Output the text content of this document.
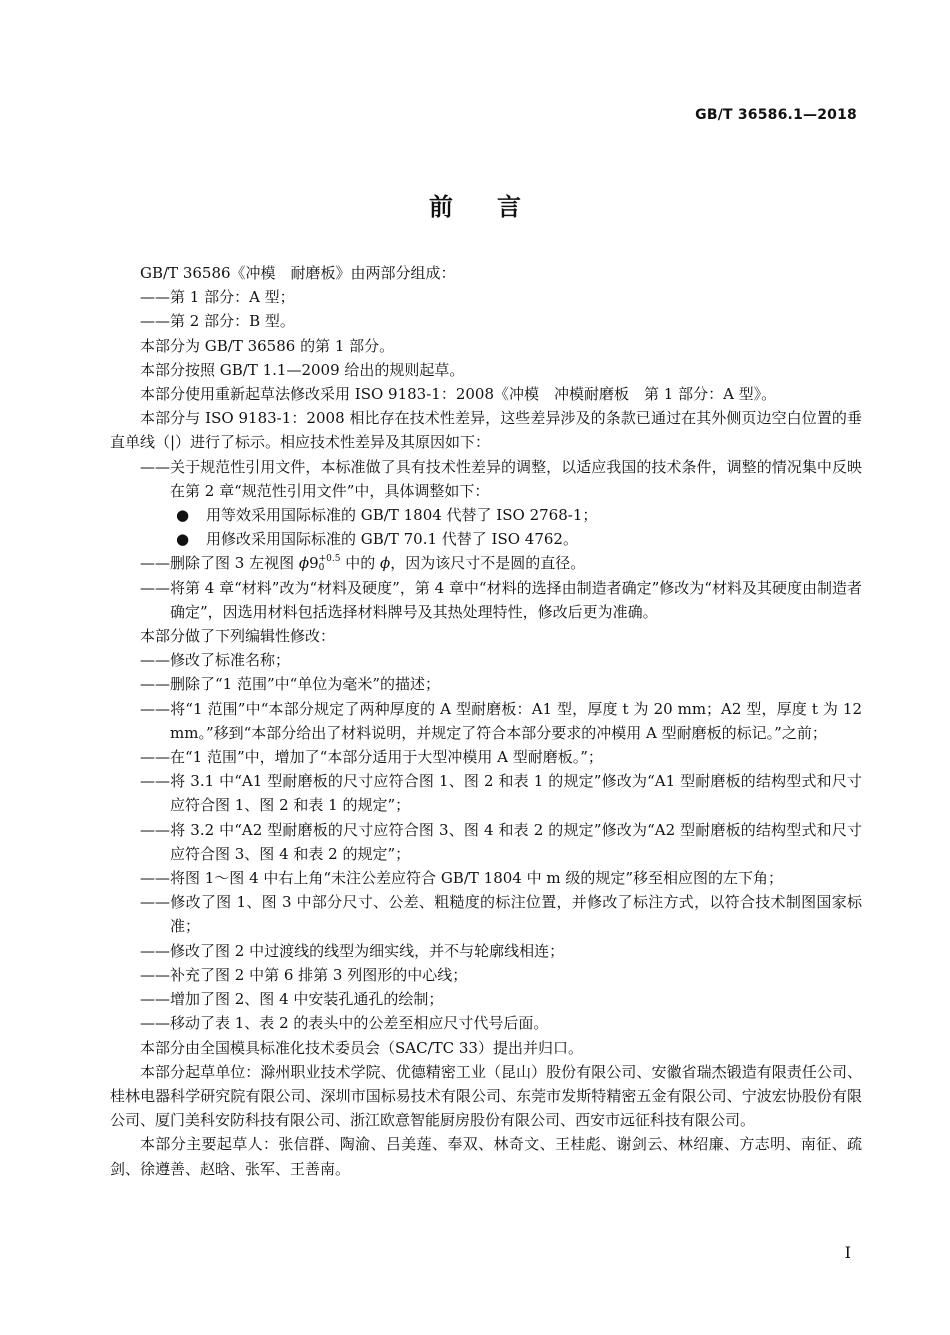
GB/T 36586.1—2018
前言
GB/T 36586《冲模　耐磨板》由两部分组成：
——第 1 部分：A 型；
——第 2 部分：B 型。
本部分为 GB/T 36586 的第 1 部分。
本部分按照 GB/T 1.1—2009 给出的规则起草。
本部分使用重新起草法修改采用 ISO 9183-1：2008《冲模　冲模耐磨板　第 1 部分：A 型》。
本部分与 ISO 9183-1：2008 相比存在技术性差异，这些差异涉及的条款已通过在其外侧页边空白位置的垂直单线（|）进行了标示。相应技术性差异及其原因如下：
——关于规范性引用文件，本标准做了具有技术性差异的调整，以适应我国的技术条件，调整的情况集中反映在第 2 章“规范性引用文件”中，具体调整如下：
● 用等效采用国际标准的 GB/T 1804 代替了 ISO 2768-1；
● 用修改采用国际标准的 GB/T 70.1 代替了 ISO 4762。
——删除了图 3 左视图 ϕ9 +0.5
0	中的 ϕ，因为该尺寸不是圆的直径。
——将第 4 章“材料”改为“材料及硬度”，第 4 章中“材料的选择由制造者确定”修改为“材料及其硬度由制造者确定”，因选用材料包括选择材料牌号及其热处理特性，修改后更为准确。
本部分做了下列编辑性修改：
——修改了标准名称；
——删除了“1 范围”中“单位为毫米”的描述；
——将“1 范围”中“本部分规定了两种厚度的 A 型耐磨板：A1 型，厚度 t 为 20 mm；A2 型，厚度 t 为 12 mm。”移到“本部分给出了材料说明，并规定了符合本部分要求的冲模用 A 型耐磨板的标记。”之前；
——在“1 范围”中，增加了“本部分适用于大型冲模用 A 型耐磨板。”；
——将 3.1 中“A1 型耐磨板的尺寸应符合图 1、图 2 和表 1 的规定”修改为“A1 型耐磨板的结构型式和尺寸应符合图 1、图 2 和表 1 的规定”；
——将 3.2 中“A2 型耐磨板的尺寸应符合图 3、图 4 和表 2 的规定”修改为“A2 型耐磨板的结构型式和尺寸应符合图 3、图 4 和表 2 的规定”；
——将图 1～图 4 中右上角“未注公差应符合 GB/T 1804 中 m 级的规定”移至相应图的左下角；
——修改了图 1、图 3 中部分尺寸、公差、粗糙度的标注位置，并修改了标注方式，以符合技术制图国家标准；
——修改了图 2 中过渡线的线型为细实线，并不与轮廓线相连；
——补充了图 2 中第 6 排第 3 列图形的中心线；
——增加了图 2、图 4 中安装孔通孔的绘制；
——移动了表 1、表 2 的表头中的公差至相应尺寸代号后面。
本部分由全国模具标准化技术委员会（SAC/TC 33）提出并归口。
本部分起草单位：滁州职业技术学院、优德精密工业（昆山）股份有限公司、安徽省瑞杰锻造有限责任公司、桂林电器科学研究院有限公司、深圳市国标易技术有限公司、东莞市发斯特精密五金有限公司、宁波宏协股份有限公司、厦门美科安防科技有限公司、浙江欧意智能厨房股份有限公司、西安市远征科技有限公司。
本部分主要起草人：张信群、陶渝、吕美莲、奉双、林奇文、王桂彪、谢剑云、林绍廉、方志明、南征、疏剑、徐遵善、赵晗、张军、王善南。
I
